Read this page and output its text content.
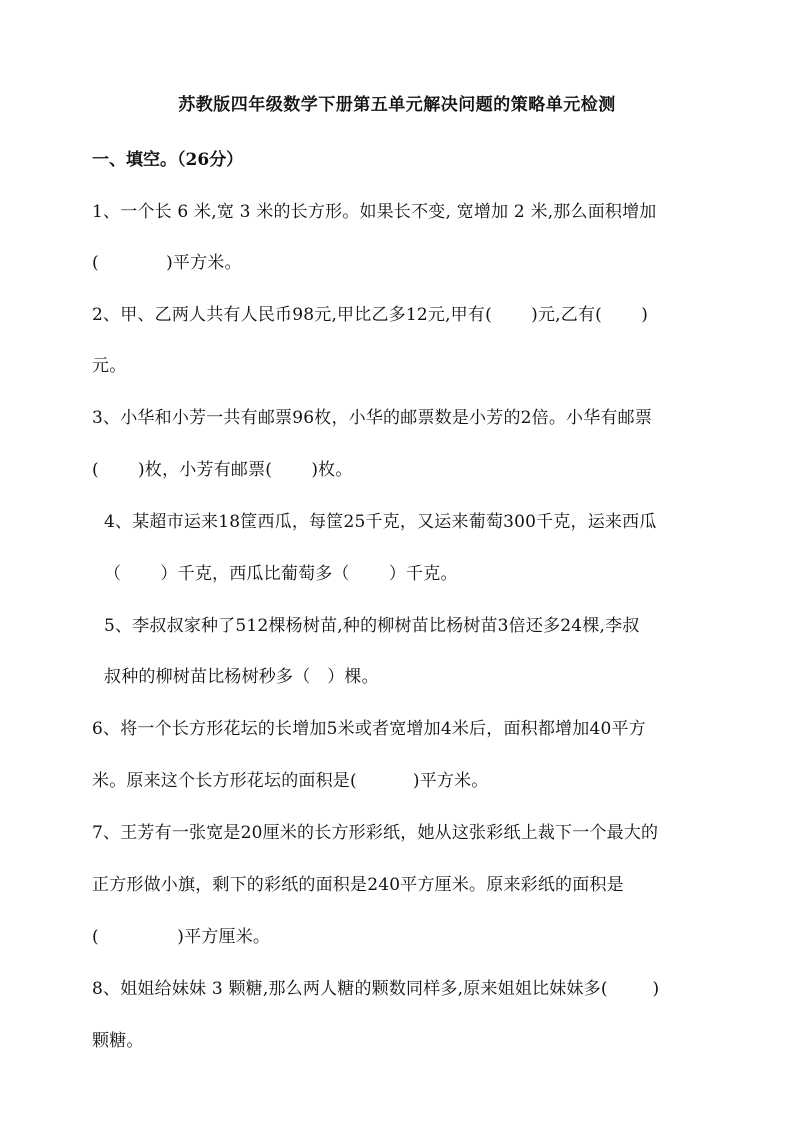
苏教版四年级数学下册第五单元解决问题的策略单元检测
一、填空。（26分）
1、一个长 6 米,宽 3 米的长方形。如果长不变, 宽增加 2 米,那么面积增加
(            )平方米。
2、甲、乙两人共有人民币98元,甲比乙多12元,甲有(       )元,乙有(       )
元。
3、小华和小芳一共有邮票96枚，小华的邮票数是小芳的2倍。小华有邮票
(       )枚，小芳有邮票(       )枚。
4、某超市运来18筐西瓜，每筐25千克，又运来葡萄300千克，运来西瓜
（       ）千克，西瓜比葡萄多（       ）千克。
5、李叔叔家种了512棵杨树苗,种的柳树苗比杨树苗3倍还多24棵,李叔
叔种的柳树苗比杨树秒多（   ）棵。
6、将一个长方形花坛的长增加5米或者宽增加4米后，面积都增加40平方
米。原来这个长方形花坛的面积是(          )平方米。
7、王芳有一张宽是20厘米的长方形彩纸，她从这张彩纸上裁下一个最大的
正方形做小旗，剩下的彩纸的面积是240平方厘米。原来彩纸的面积是
(              )平方厘米。
8、姐姐给妹妹 3 颗糖,那么两人糖的颗数同样多,原来姐姐比妹妹多(        )
颗糖。
